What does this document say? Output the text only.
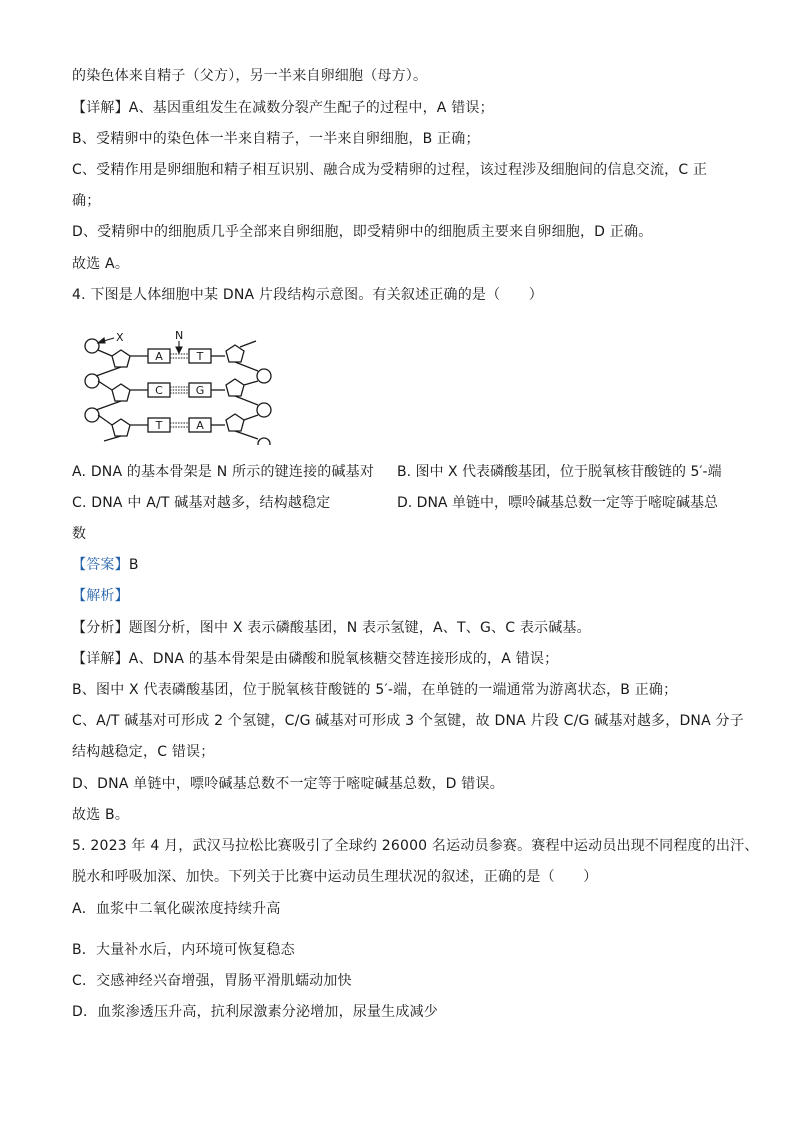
的染色体来自精子（父方），另一半来自卵细胞（母方）。
【详解】A、基因重组发生在减数分裂产生配子的过程中，A 错误；
B、受精卵中的染色体一半来自精子，一半来自卵细胞，B 正确；
C、受精作用是卵细胞和精子相互识别、融合成为受精卵的过程，该过程涉及细胞间的信息交流，C 正
确；
D、受精卵中的细胞质几乎全部来自卵细胞，即受精卵中的细胞质主要来自卵细胞，D 正确。
故选 A。
4. 下图是人体细胞中某 DNA 片段结构示意图。有关叙述正确的是（　　）
X	N
A	T
C	G
T	A
A. DNA 的基本骨架是 N 所示的键连接的碱基对 B. 图中 X 代表磷酸基团，位于脱氧核苷酸链的 5′-端
C. DNA 中 A/T 碱基对越多，结构越稳定	D. DNA 单链中，嘌呤碱基总数一定等于嘧啶碱基总
数
【答案】B
【解析】
【分析】题图分析，图中 X 表示磷酸基团，N 表示氢键，A、T、G、C 表示碱基。
【详解】A、DNA 的基本骨架是由磷酸和脱氧核糖交替连接形成的，A 错误；
B、图中 X 代表磷酸基团，位于脱氧核苷酸链的 5′-端，在单链的一端通常为游离状态，B 正确；
C、A/T 碱基对可形成 2 个氢键，C/G 碱基对可形成 3 个氢键，故 DNA 片段 C/G 碱基对越多，DNA 分子
结构越稳定，C 错误；
D、DNA 单链中，嘌呤碱基总数不一定等于嘧啶碱基总数，D 错误。
故选 B。
5. 2023 年 4 月，武汉马拉松比赛吸引了全球约 26000 名运动员参赛。赛程中运动员出现不同程度的出汗、
脱水和呼吸加深、加快。下列关于比赛中运动员生理状况的叙述，正确的是（　　）
A．血浆中二氧化碳浓度持续升高
B．大量补水后，内环境可恢复稳态
C．交感神经兴奋增强，胃肠平滑肌蠕动加快
D．血浆渗透压升高，抗利尿激素分泌增加，尿量生成减少
